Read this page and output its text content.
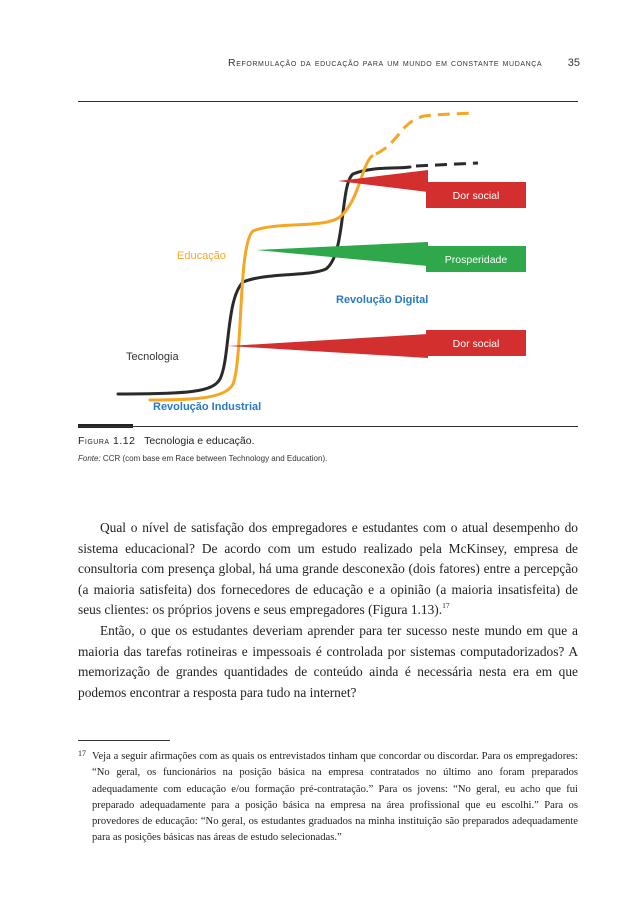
Reformulação da educação para um mundo em constante mudança 35
Dor social
Prosperidade
Dor social
Educação
Tecnologia
Revolução Digital
Revolução Industrial
Figura 1.12 Tecnologia e educação.
Fonte: CCR (com base em Race between Technology and Education).

Qual o nível de satisfação dos empregadores e estudantes com o atual desempenho do sistema educacional? De acordo com um estudo realizado pela McKinsey, empresa de consultoria com presença global, há uma grande desconexão (dois fatores) entre a percepção (a maioria satisfeita) dos fornecedores de educação e a opinião (a maioria insatisfeita) de seus clientes: os próprios jovens e seus empregadores (Figura 1.13).$^{17}$

Então, o que os estudantes deveriam aprender para ter sucesso neste mundo em que a maioria das tarefas rotineiras e impessoais é controlada por sistemas computadorizados? A memorização de grandes quantidades de conteúdo ainda é necessária nesta era em que podemos encontrar a resposta para tudo na internet?

17 Veja a seguir afirmações com as quais os entrevistados tinham que concordar ou discordar. Para os empregadores: “No geral, os funcionários na posição básica na empresa contratados no último ano foram preparados adequadamente com educação e/ou formação pré-contratação.” Para os jovens: “No geral, eu acho que fui preparado adequadamente para a posição básica na empresa na área profissional que eu escolhi.” Para os provedores de educação: “No geral, os estudantes graduados na minha instituição são preparados adequadamente para as posições básicas nas áreas de estudo selecionadas.”
